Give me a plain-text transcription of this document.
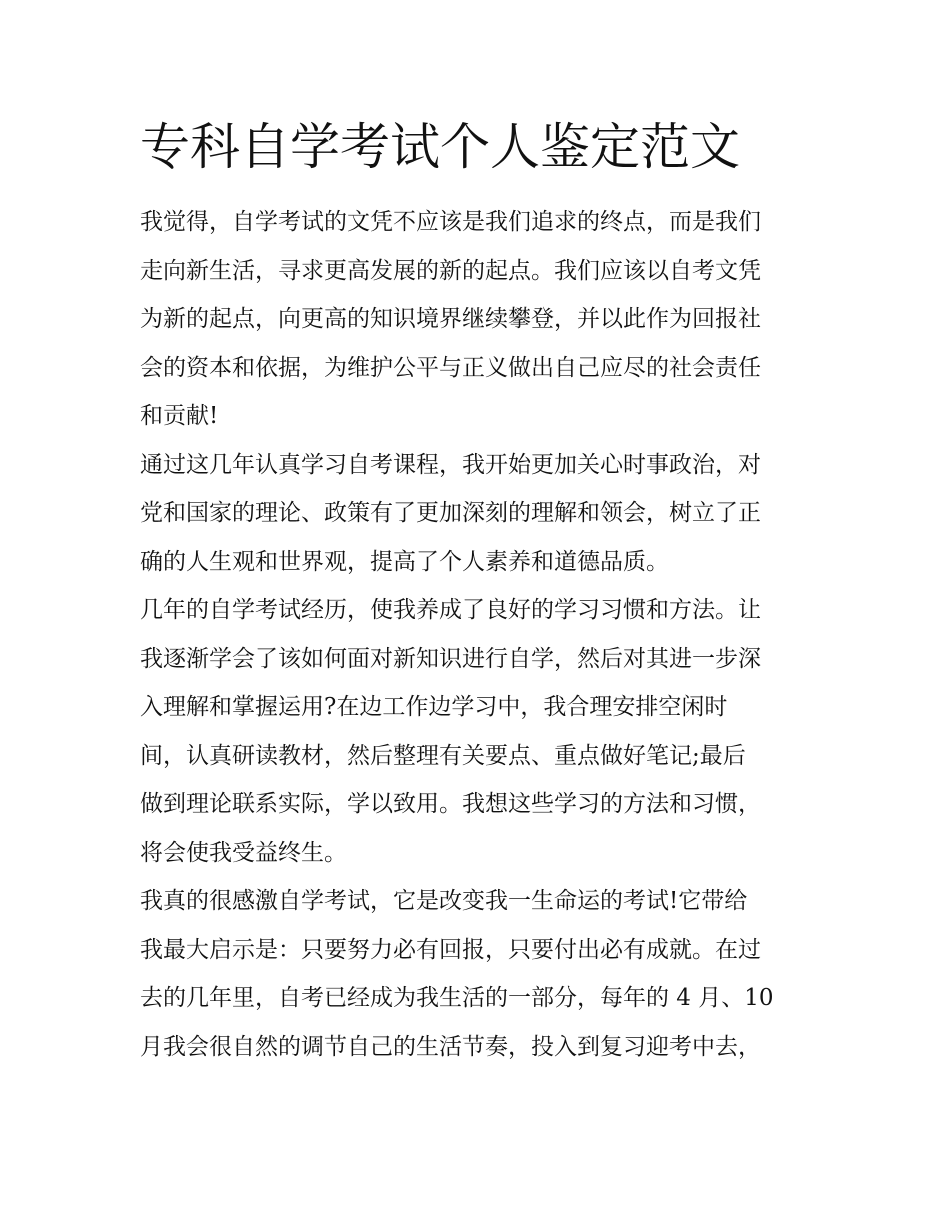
专科自学考试个人鉴定范文
我觉得，自学考试的文凭不应该是我们追求的终点，而是我们
走向新生活，寻求更高发展的新的起点。我们应该以自考文凭
为新的起点，向更高的知识境界继续攀登，并以此作为回报社
会的资本和依据，为维护公平与正义做出自己应尽的社会责任
和贡献!
通过这几年认真学习自考课程，我开始更加关心时事政治，对
党和国家的理论、政策有了更加深刻的理解和领会，树立了正
确的人生观和世界观，提高了个人素养和道德品质。
几年的自学考试经历，使我养成了良好的学习习惯和方法。让
我逐渐学会了该如何面对新知识进行自学，然后对其进一步深
入理解和掌握运用?在边工作边学习中，我合理安排空闲时
间，认真研读教材，然后整理有关要点、重点做好笔记;最后
做到理论联系实际，学以致用。我想这些学习的方法和习惯，
将会使我受益终生。
我真的很感激自学考试，它是改变我一生命运的考试!它带给
我最大启示是：只要努力必有回报，只要付出必有成就。在过
去的几年里，自考已经成为我生活的一部分，每年的 4 月、10
月我会很自然的调节自己的生活节奏，投入到复习迎考中去，
